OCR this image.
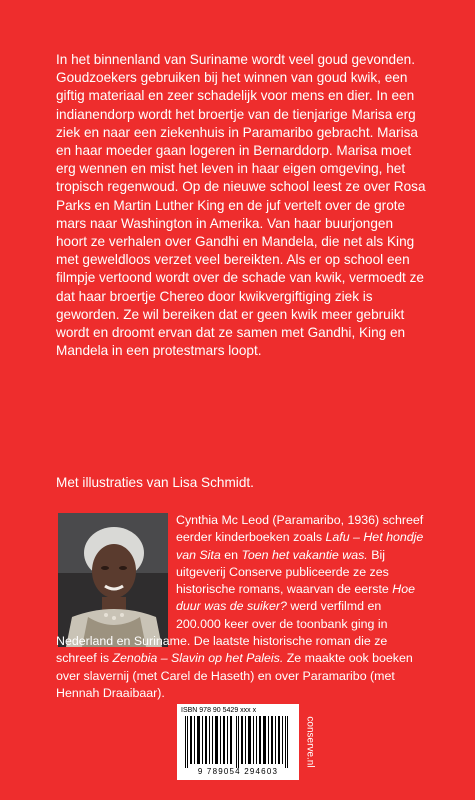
In het binnenland van Suriname wordt veel goud gevonden. Goudzoekers gebruiken bij het winnen van goud kwik, een giftig materiaal en zeer schadelijk voor mens en dier. In een indianendorp wordt het broertje van de tienjarige Marisa erg ziek en naar een ziekenhuis in Paramaribo gebracht. Marisa en haar moeder gaan logeren in Bernarddorp. Marisa moet erg wennen en mist het leven in haar eigen omgeving, het tropisch regenwoud. Op de nieuwe school leest ze over Rosa Parks en Martin Luther King en de juf vertelt over de grote mars naar Washington in Amerika. Van haar buurjongen hoort ze verhalen over Gandhi en Mandela, die net als King met geweldloos verzet veel bereikten. Als er op school een filmpje vertoond wordt over de schade van kwik, vermoedt ze dat haar broertje Chereo door kwikvergiftiging ziek is geworden. Ze wil bereiken dat er geen kwik meer gebruikt wordt en droomt ervan dat ze samen met Gandhi, King en Mandela in een protestmars loopt.

Met illustraties van Lisa Schmidt.
Cynthia Mc Leod (Paramaribo, 1936) schreef eerder kinderboeken zoals Lafu – Het hondje van Sita en Toen het vakantie was. Bij uitgeverij Conserve publiceerde ze zes historische romans, waarvan de eerste Hoe duur was de suiker? werd verfilmd en 200.000 keer over de toonbank ging in Nederland en Suriname. De laatste historische roman die ze schreef is Zenobia – Slavin op het Paleis. Ze maakte ook boeken over slavernij (met Carel de Haseth) en over Paramaribo (met Hennah Draaibaar).
ISBN 978 90 5429 xxx x
9 789054 294603
conserve.nl
